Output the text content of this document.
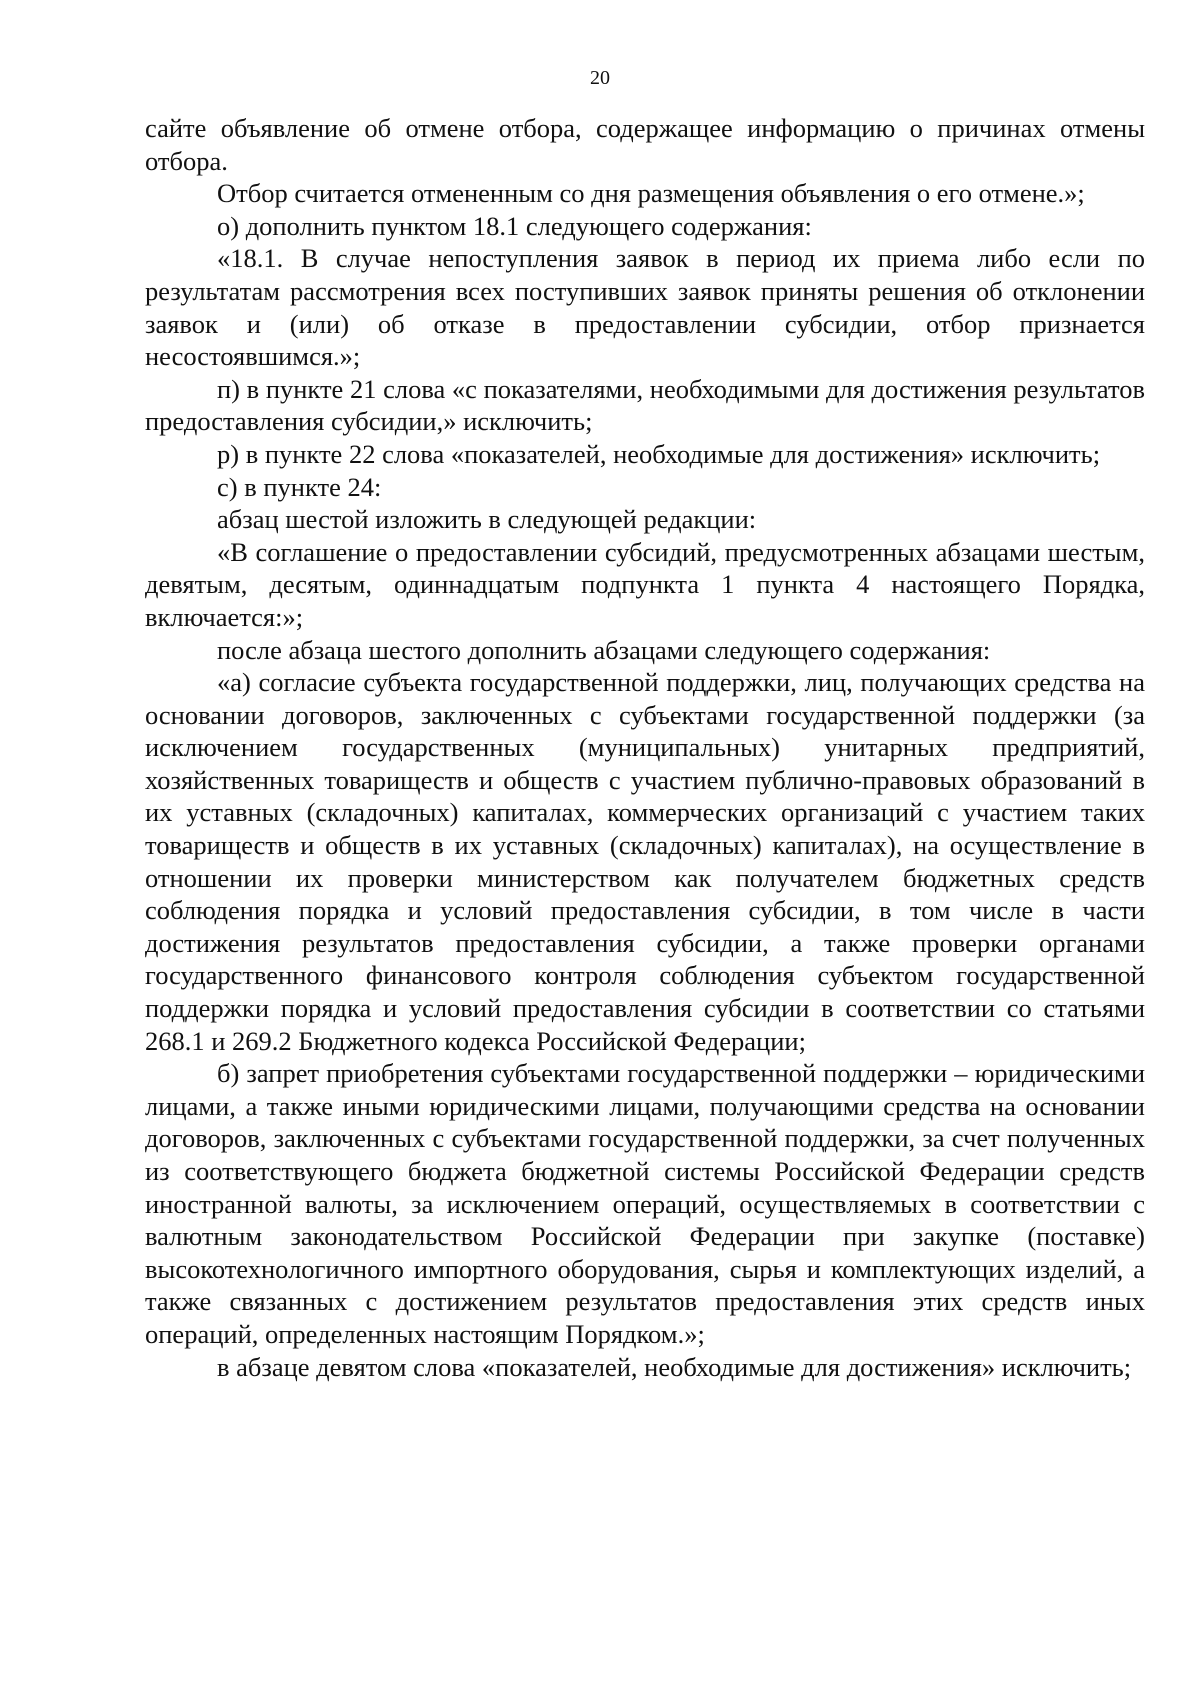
20

сайте объявление об отмене отбора, содержащее информацию о причинах отмены отбора.

Отбор считается отмененным со дня размещения объявления о его отмене.»;

о) дополнить пунктом 18.1 следующего содержания:

«18.1. В случае непоступления заявок в период их приема либо если по результатам рассмотрения всех поступивших заявок приняты решения об отклонении заявок и (или) об отказе в предоставлении субсидии, отбор признается несостоявшимся.»;

п) в пункте 21 слова «с показателями, необходимыми для достижения результатов предоставления субсидии,» исключить;

р) в пункте 22 слова «показателей, необходимые для достижения» исключить;

с) в пункте 24:

абзац шестой изложить в следующей редакции:

«В соглашение о предоставлении субсидий, предусмотренных абзацами шестым, девятым, десятым, одиннадцатым подпункта 1 пункта 4 настоящего Порядка, включается:»;

после абзаца шестого дополнить абзацами следующего содержания:

«а) согласие субъекта государственной поддержки, лиц, получающих средства на основании договоров, заключенных с субъектами государственной поддержки (за исключением государственных (муниципальных) унитарных предприятий, хозяйственных товариществ и обществ с участием публично-правовых образований в их уставных (складочных) капиталах, коммерческих организаций с участием таких товариществ и обществ в их уставных (складочных) капиталах), на осуществление в отношении их проверки министерством как получателем бюджетных средств соблюдения порядка и условий предоставления субсидии, в том числе в части достижения результатов предоставления субсидии, а также проверки органами государственного финансового контроля соблюдения субъектом государственной поддержки порядка и условий предоставления субсидии в соответствии со статьями 268.1 и 269.2 Бюджетного кодекса Российской Федерации;

б) запрет приобретения субъектами государственной поддержки – юридическими лицами, а также иными юридическими лицами, получающими средства на основании договоров, заключенных с субъектами государственной поддержки, за счет полученных из соответствующего бюджета бюджетной системы Российской Федерации средств иностранной валюты, за исключением операций, осуществляемых в соответствии с валютным законодательством Российской Федерации при закупке (поставке) высокотехнологичного импортного оборудования, сырья и комплектующих изделий, а также связанных с достижением результатов предоставления этих средств иных операций, определенных настоящим Порядком.»;

в абзаце девятом слова «показателей, необходимые для достижения» исключить;
